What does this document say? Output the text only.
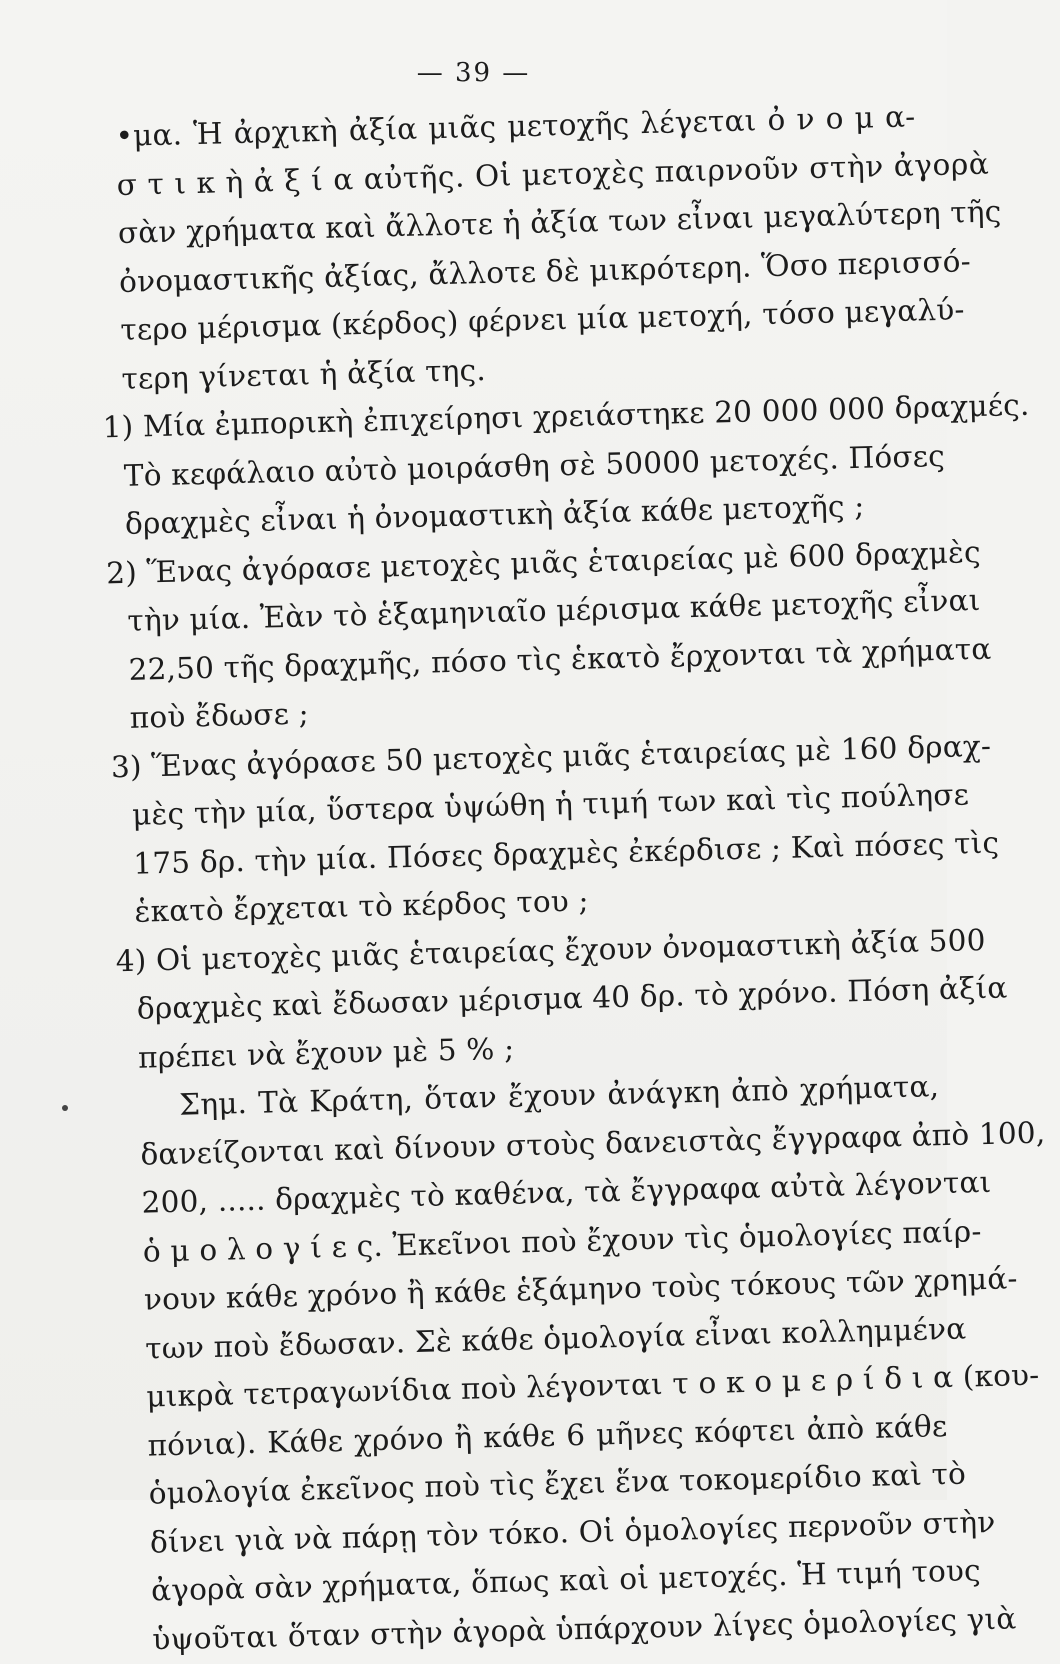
— 39 —
•μα. Ἡ ἀρχικὴ ἀξία μιᾶς μετοχῆς λέγεται ὀ ν ο μ α-
σ τ ι κ ὴ ἀ ξ ί α αὐτῆς. Οἱ μετοχὲς παιρνοῦν στὴν ἀγορὰ
σὰν χρήματα καὶ ἄλλοτε ἡ ἀξία των εἶναι μεγαλύτερη τῆς
ὀνομαστικῆς ἀξίας, ἄλλοτε δὲ μικρότερη. Ὅσο περισσό-
τερο μέρισμα (κέρδος) φέρνει μία μετοχή, τόσο μεγαλύ-
τερη γίνεται ἡ ἀξία της.
1) Μία ἐμπορικὴ ἐπιχείρησι χρειάστηκε 20 000 000 δραχμές.
Τὸ κεφάλαιο αὐτὸ μοιράσθη σὲ 50000 μετοχές. Πόσες
δραχμὲς εἶναι ἡ ὀνομαστικὴ ἀξία κάθε μετοχῆς ;
2) Ἕνας ἀγόρασε μετοχὲς μιᾶς ἑταιρείας μὲ 600 δραχμὲς
τὴν μία. Ἐὰν τὸ ἑξαμηνιαῖο μέρισμα κάθε μετοχῆς εἶναι
22,50 τῆς δραχμῆς, πόσο τὶς ἑκατὸ ἔρχονται τὰ χρήματα
ποὺ ἔδωσε ;
3) Ἕνας ἀγόρασε 50 μετοχὲς μιᾶς ἑταιρείας μὲ 160 δραχ-
μὲς τὴν μία, ὕστερα ὑψώθη ἡ τιμή των καὶ τὶς πούλησε
175 δρ. τὴν μία. Πόσες δραχμὲς ἐκέρδισε ; Καὶ πόσες τὶς
ἑκατὸ ἔρχεται τὸ κέρδος του ;
4) Οἱ μετοχὲς μιᾶς ἑταιρείας ἔχουν ὀνομαστικὴ ἀξία 500
δραχμὲς καὶ ἔδωσαν μέρισμα 40 δρ. τὸ χρόνο. Πόση ἀξία
πρέπει νὰ ἔχουν μὲ 5 % ;
Σημ. Τὰ Κράτη, ὅταν ἔχουν ἀνάγκη ἀπὸ χρήματα,
δανείζονται καὶ δίνουν στοὺς δανειστὰς ἔγγραφα ἀπὸ 100,
200, ..... δραχμὲς τὸ καθένα, τὰ ἔγγραφα αὐτὰ λέγονται
ὁ μ ο λ ο γ ί ε ς. Ἐκεῖνοι ποὺ ἔχουν τὶς ὁμολογίες παίρ-
νουν κάθε χρόνο ἢ κάθε ἑξάμηνο τοὺς τόκους τῶν χρημά-
των ποὺ ἔδωσαν. Σὲ κάθε ὁμολογία εἶναι κολλημμένα
μικρὰ τετραγωνίδια ποὺ λέγονται τ ο κ ο μ ε ρ ί δ ι α (κου-
πόνια). Κάθε χρόνο ἢ κάθε 6 μῆνες κόφτει ἀπὸ κάθε
ὁμολογία ἐκεῖνος ποὺ τὶς ἔχει ἕνα τοκομερίδιο καὶ τὸ
δίνει γιὰ νὰ πάρῃ τὸν τόκο. Οἱ ὁμολογίες περνοῦν στὴν
ἀγορὰ σὰν χρήματα, ὅπως καὶ οἱ μετοχές. Ἡ τιμή τους
ὑψοῦται ὅταν στὴν ἀγορὰ ὑπάρχουν λίγες ὁμολογίες γιὰ
